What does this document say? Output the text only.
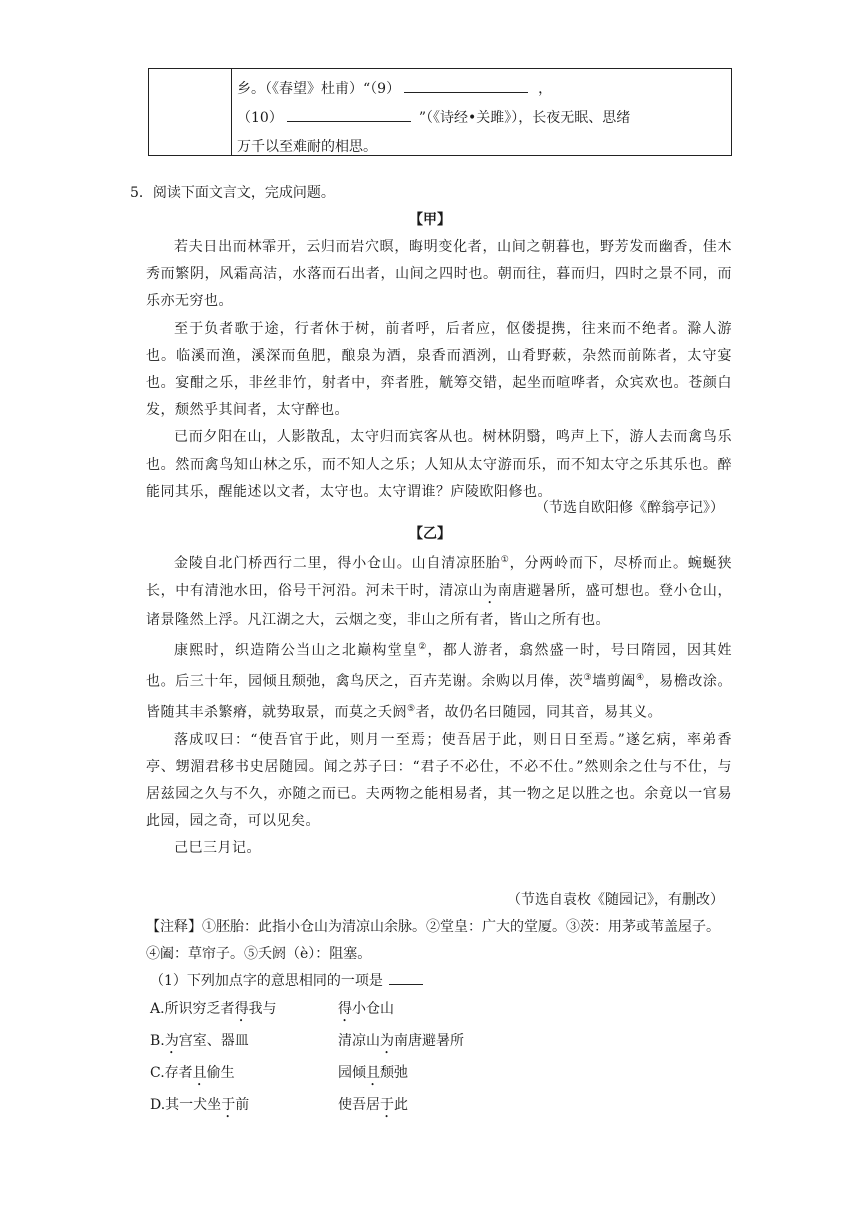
乡。（《春望》杜甫）“（9）	，
（10）	”（《诗经•关雎》），长夜无眠、思绪
万千以至难耐的相思。
5．阅读下面文言文，完成问题。
【甲】

若夫日出而林霏开，云归而岩穴暝，晦明变化者，山间之朝暮也，野芳发而幽香，佳木秀而繁阴，风霜高洁，水落而石出者，山间之四时也。朝而往，暮而归，四时之景不同，而乐亦无穷也。

至于负者歌于途，行者休于树，前者呼，后者应，伛偻提携，往来而不绝者。滁人游也。临溪而渔，溪深而鱼肥，酿泉为酒，泉香而酒洌，山肴野蔌，杂然而前陈者，太守宴也。宴酣之乐，非丝非竹，射者中，弈者胜，觥筹交错，起坐而喧哗者，众宾欢也。苍颜白发，颓然乎其间者，太守醉也。

已而夕阳在山，人影散乱，太守归而宾客从也。树林阴翳，鸣声上下，游人去而禽鸟乐也。然而禽鸟知山林之乐，而不知人之乐；人知从太守游而乐，而不知太守之乐其乐也。醉能同其乐，醒能述以文者，太守也。太守谓谁？庐陵欧阳修也。

（节选自欧阳修《醉翁亭记》）
【乙】

金陵自北门桥西行二里，得小仓山。山自清凉胚胎①，分两岭而下，尽桥而止。蜿蜒狭长，中有清池水田，俗号干河沿。河未干时，清凉山为南唐避暑所，盛可想也。登小仓山，诸景隆然上浮。凡江湖之大，云烟之变，非山之所有者，皆山之所有也。

康熙时，织造隋公当山之北巅构堂皇②，都人游者，翕然盛一时，号曰隋园，因其姓也。后三十年，园倾且颓弛，禽鸟厌之，百卉芜谢。余购以月俸，茨③墙剪阖④，易檐改涂。皆随其丰杀繁瘠，就势取景，而莫之夭阏⑤者，故仍名曰随园，同其音，易其义。

落成叹曰：“使吾官于此，则月一至焉；使吾居于此，则日日至焉。”遂乞病，率弟香亭、甥湄君移书史居随园。闻之苏子曰：“君子不必仕，不必不仕。”然则余之仕与不仕，与居兹园之久与不久，亦随之而已。夫两物之能相易者，其一物之足以胜之也。余竟以一官易此园，园之奇，可以见矣。

己巳三月记。

（节选自袁枚《随园记》，有删改）
【注释】①胚胎：此指小仓山为清凉山余脉。②堂皇：广大的堂厦。③茨：用茅或苇盖屋子。④阖：草帘子。⑤夭阏（è）：阻塞。
（1）下列加点字的意思相同的一项是
A.所识穷乏者得我与	得小仓山
B.为宫室、器皿	清凉山为南唐避暑所
C.存者且偷生	园倾且颓弛
D.其一犬坐于前	使吾居于此
